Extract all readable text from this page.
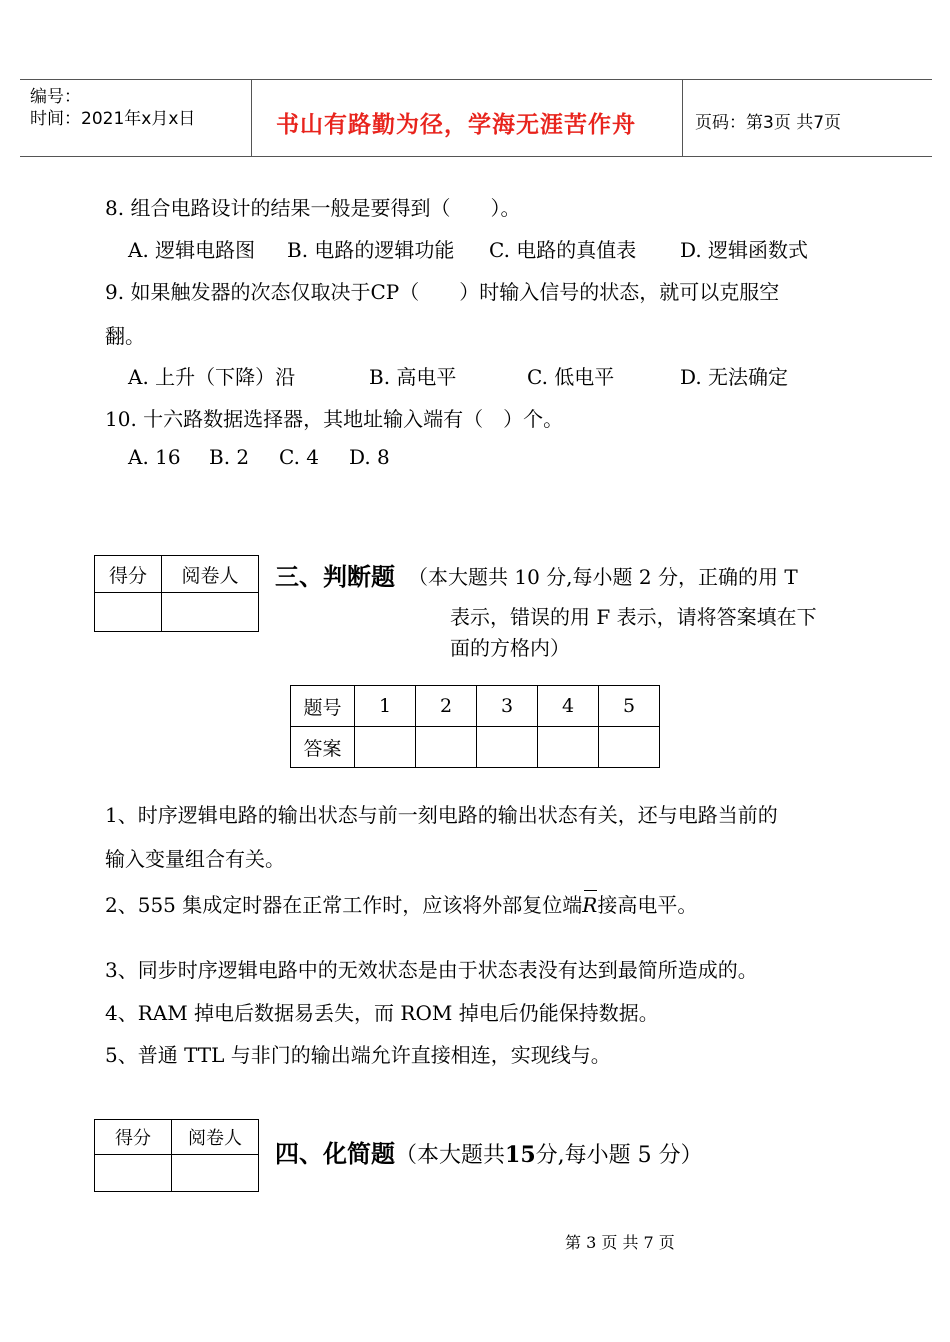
编号：
时间：2021年x月x日	书山有路勤为径，学海无涯苦作舟	页码：第3页 共7页
8. 组合电路设计的结果一般是要得到（　　）。
A. 逻辑电路图 B. 电路的逻辑功能 C. 电路的真值表 D. 逻辑函数式
9. 如果触发器的次态仅取决于CP（　　）时输入信号的状态，就可以克服空
翻。
A. 上升（下降）沿	B. 高电平	C. 低电平	D. 无法确定
10. 十六路数据选择器，其地址输入端有（　）个。
A. 16 B. 2 C. 4 D. 8
得分	阅卷人
	三、判断题 （本大题共 10 分,每小题 2 分，正确的用 T
表示，错误的用 F 表示，请将答案填在下
面的方格内）
题号	1	2	3	4	5
答案					
1、时序逻辑电路的输出状态与前一刻电路的输出状态有关，还与电路当前的
输入变量组合有关。
2、555 集成定时器在正常工作时，应该将外部复位端R接高电平。
3、同步时序逻辑电路中的无效状态是由于状态表没有达到最简所造成的。
4、RAM 掉电后数据易丢失，而 ROM 掉电后仍能保持数据。
5、普通 TTL 与非门的输出端允许直接相连，实现线与。
得分	阅卷人

四、化简题（本大题共15分,每小题 5 分）
第 3 页 共 7 页
